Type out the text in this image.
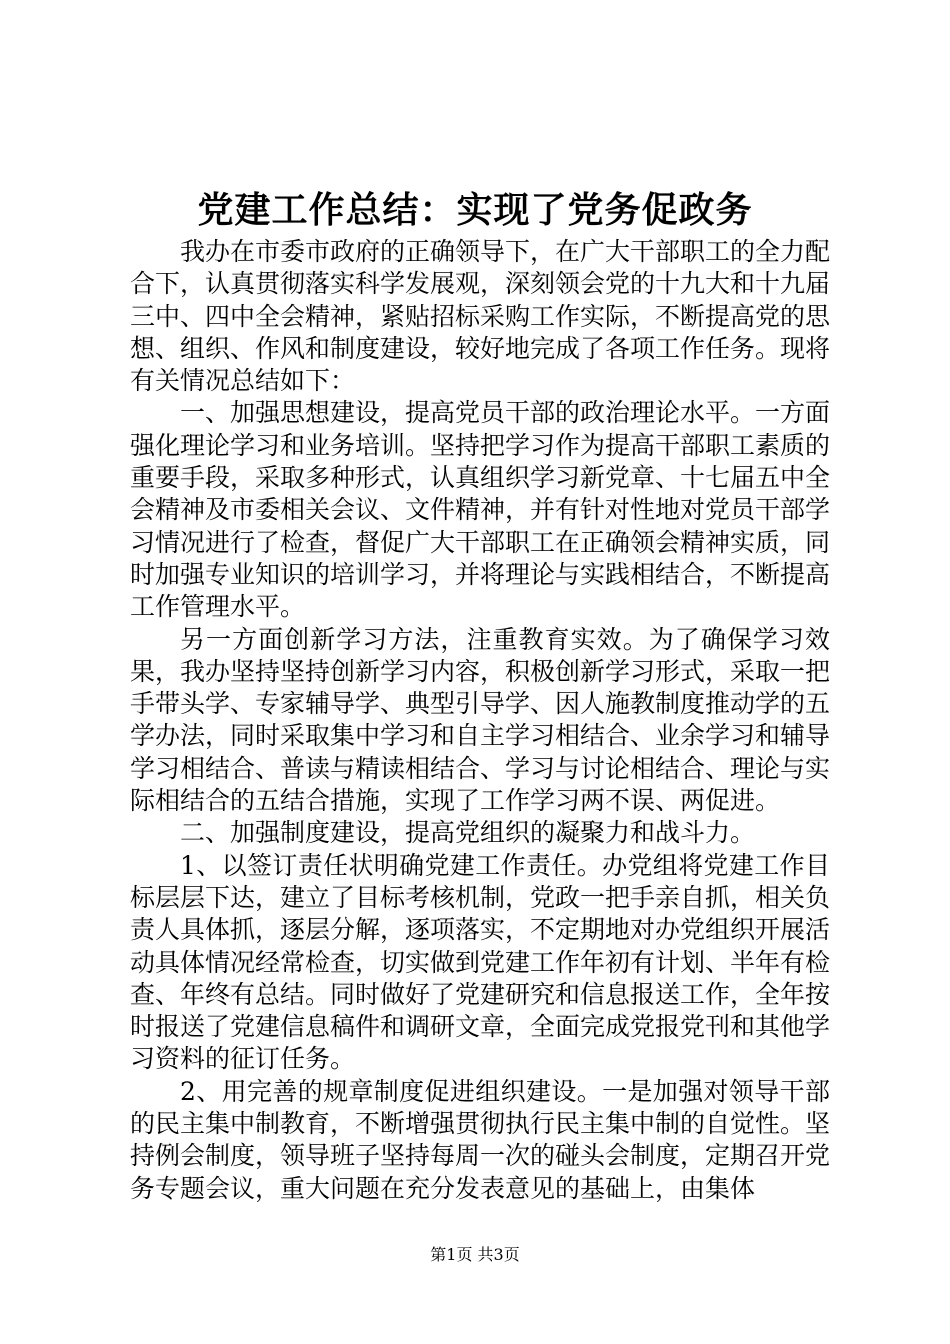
党建工作总结：实现了党务促政务

我办在市委市政府的正确领导下，在广大干部职工的全力配合下，认真贯彻落实科学发展观，深刻领会党的十九大和十九届三中、四中全会精神，紧贴招标采购工作实际，不断提高党的思想、组织、作风和制度建设，较好地完成了各项工作任务。现将有关情况总结如下：

一、加强思想建设，提高党员干部的政治理论水平。一方面强化理论学习和业务培训。坚持把学习作为提高干部职工素质的重要手段，采取多种形式，认真组织学习新党章、十七届五中全会精神及市委相关会议、文件精神，并有针对性地对党员干部学习情况进行了检查，督促广大干部职工在正确领会精神实质，同时加强专业知识的培训学习，并将理论与实践相结合，不断提高工作管理水平。

另一方面创新学习方法，注重教育实效。为了确保学习效果，我办坚持坚持创新学习内容，积极创新学习形式，采取一把手带头学、专家辅导学、典型引导学、因人施教制度推动学的五学办法，同时采取集中学习和自主学习相结合、业余学习和辅导学习相结合、普读与精读相结合、学习与讨论相结合、理论与实际相结合的五结合措施，实现了工作学习两不误、两促进。

二、加强制度建设，提高党组织的凝聚力和战斗力。

1、以签订责任状明确党建工作责任。办党组将党建工作目标层层下达，建立了目标考核机制，党政一把手亲自抓，相关负责人具体抓，逐层分解，逐项落实，不定期地对办党组织开展活动具体情况经常检查，切实做到党建工作年初有计划、半年有检查、年终有总结。同时做好了党建研究和信息报送工作，全年按时报送了党建信息稿件和调研文章，全面完成党报党刊和其他学习资料的征订任务。

2、用完善的规章制度促进组织建设。一是加强对领导干部的民主集中制教育，不断增强贯彻执行民主集中制的自觉性。坚持例会制度，领导班子坚持每周一次的碰头会制度，定期召开党务专题会议，重大问题在充分发表意见的基础上，由集体

第1页 共3页
